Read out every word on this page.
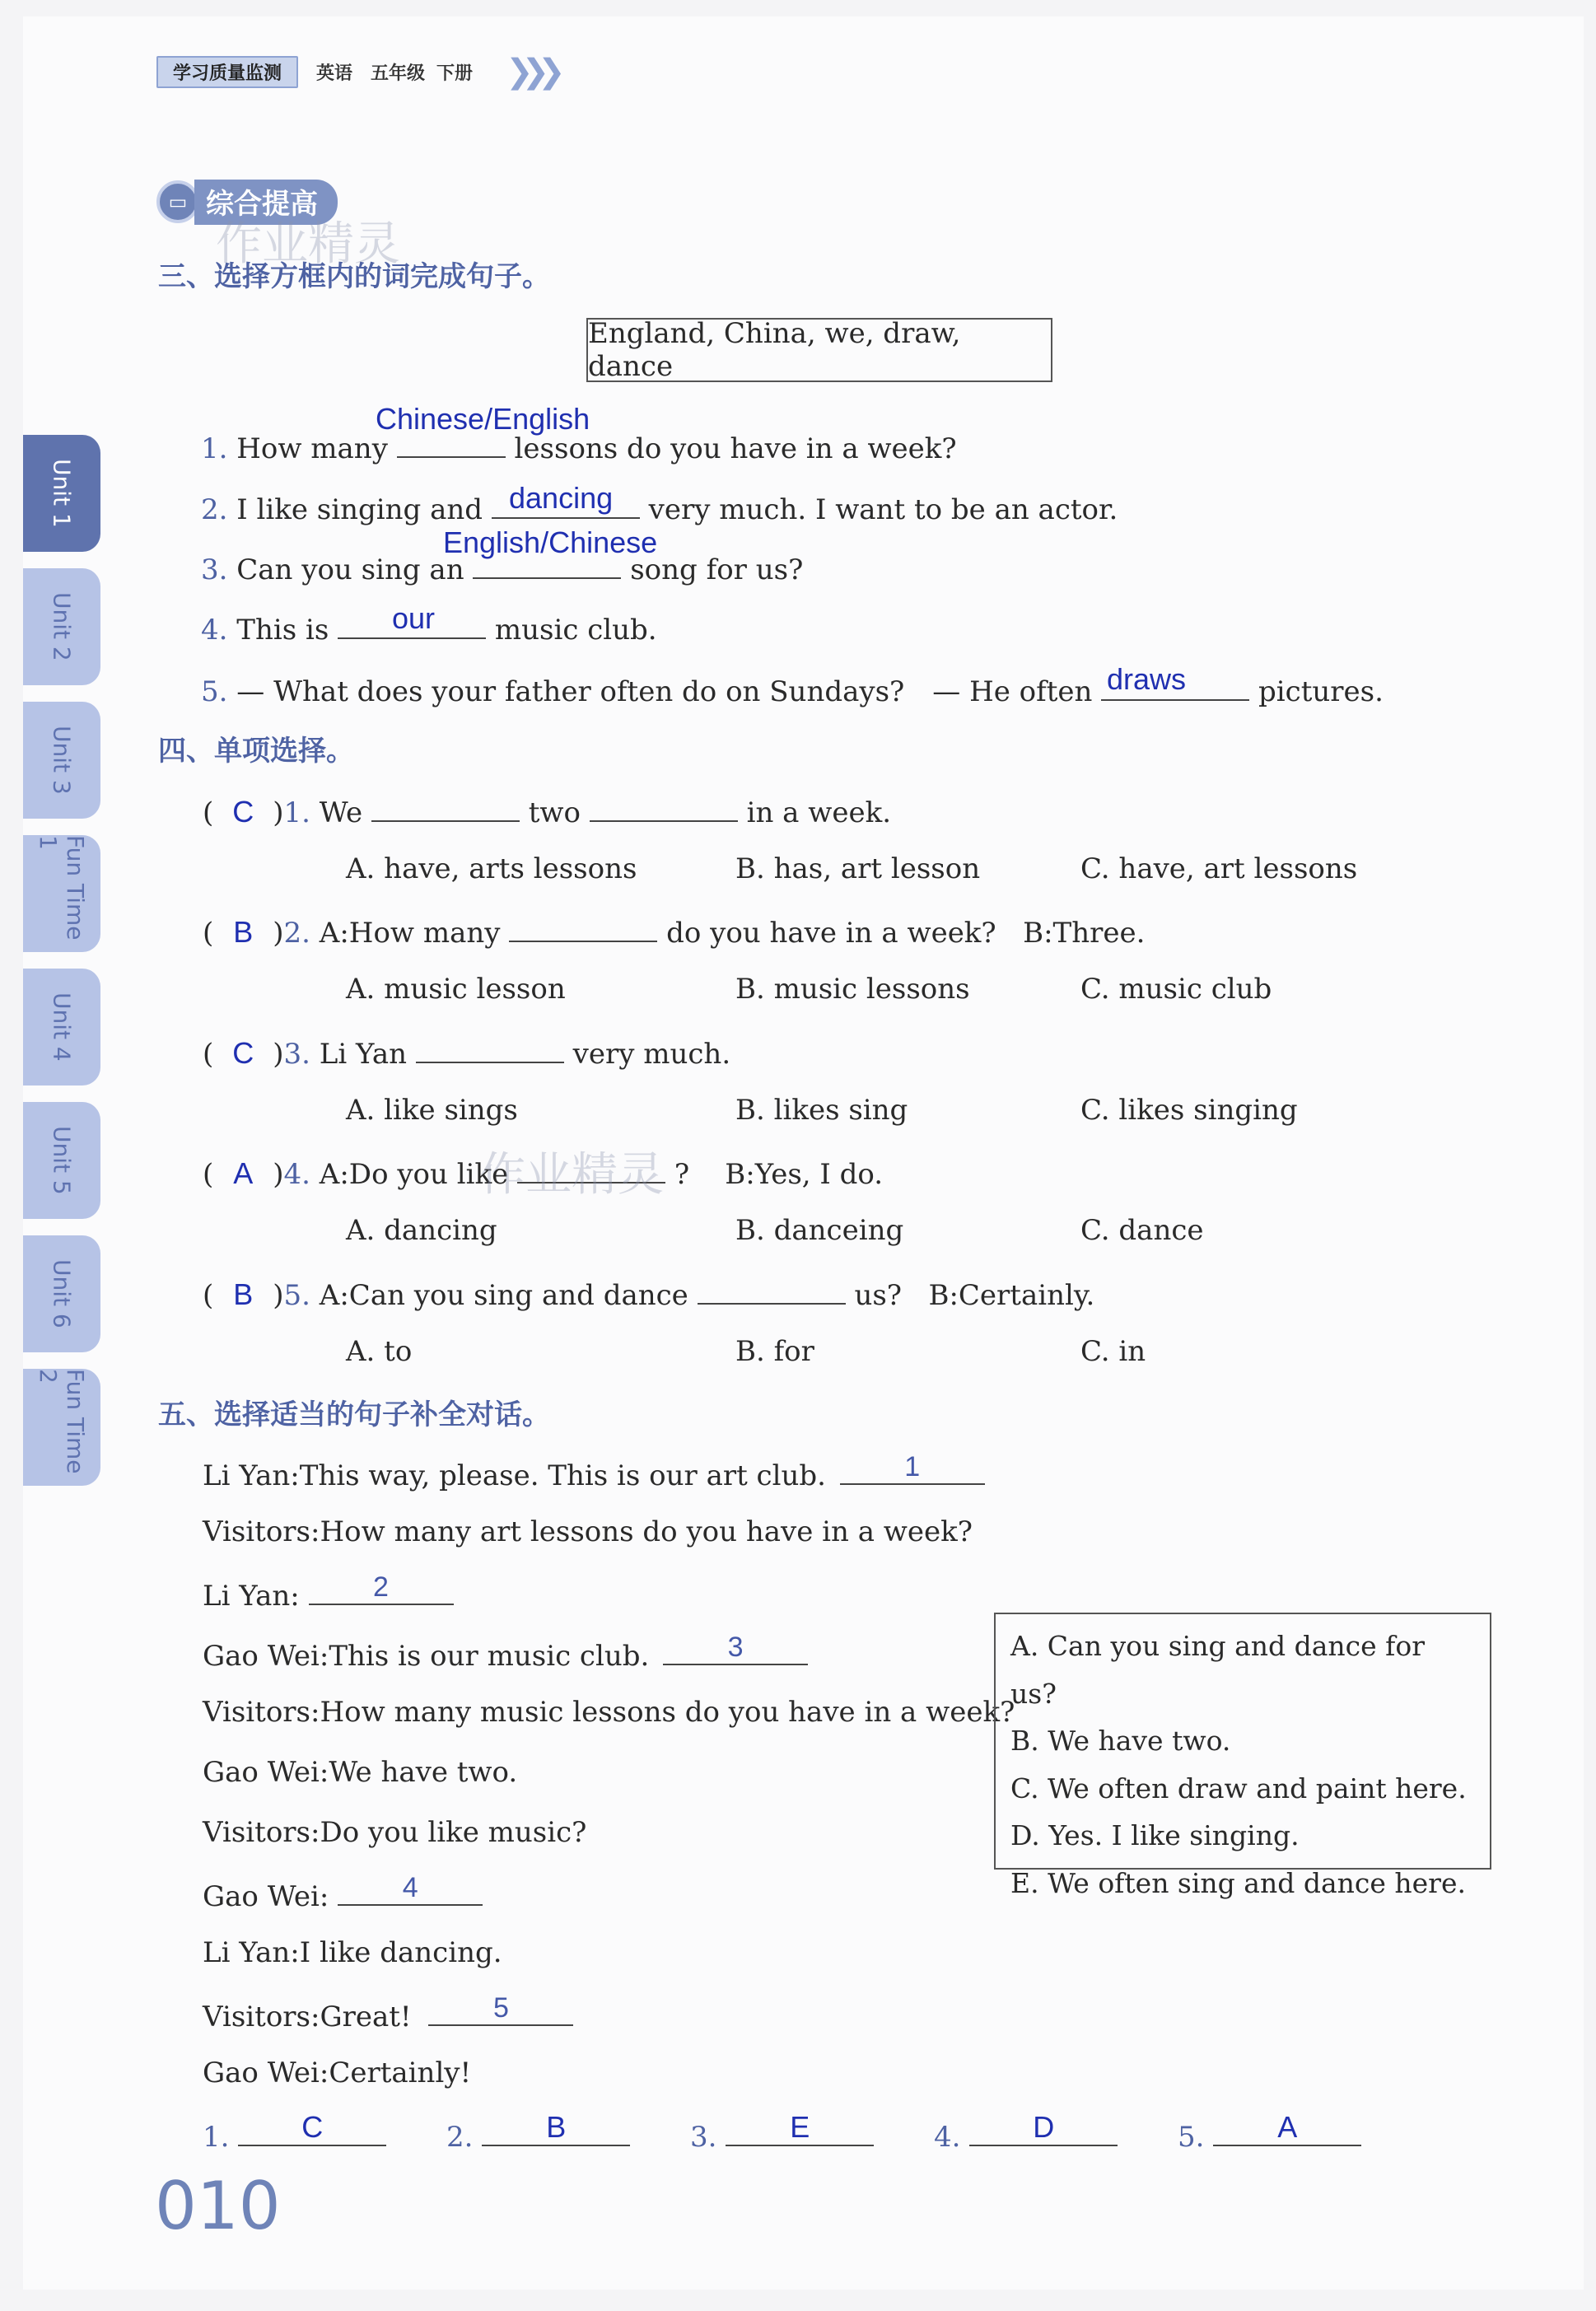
学习质量监测	英语 五年级 下册 ❯❯❯
▭ 综合提高
作业精灵
三、选择方框内的词完成句子。
England, China, we, draw, dance
1. How many	lessons do you have in a week?
Chinese/English
2. I like singing and	very much. I want to be an actor.
dancing
3. Can you sing an	song for us?
English/Chinese
4. This is	music club.
our
5. — What does your father often do on Sundays?　— He often	pictures.
draws
四、单项选择。
( C )1. We	two	in a week.
A. have, arts lessons	B. has, art lesson	C. have, art lessons
( B )2. A:How many	do you have in a week? B:Three.
A. music lesson	B. music lessons	C. music club
( C )3. Li Yan	very much.
A. like sings	B. likes sing	C. likes singing
( A )4. A:Do you like	? B:Yes, I do.
作业精灵
A. dancing	B. danceing	C. dance
( B )5. A:Can you sing and dance	us? B:Certainly.
A. to	B. for	C. in
五、选择适当的句子补全对话。
Li Yan:This way, please. This is our art club.	1
Visitors:How many art lessons do you have in a week?
Li Yan:	2
Gao Wei:This is our music club.	3
Visitors:How many music lessons do you have in a week?
Gao Wei:We have two.
Visitors:Do you like music?
Gao Wei:	4
Li Yan:I like dancing.
Visitors:Great!	5
Gao Wei:Certainly!
A. Can you sing and dance for us?
B. We have two.
C. We often draw and paint here.
D. Yes. I like singing.
E. We often sing and dance here.
1.	C	2.	B	3.	E	4.	D	5.	A
010
Unit 1
Unit 2
Unit 3
Fun Time 1
Unit 4
Unit 5
Unit 6
Fun Time 2
